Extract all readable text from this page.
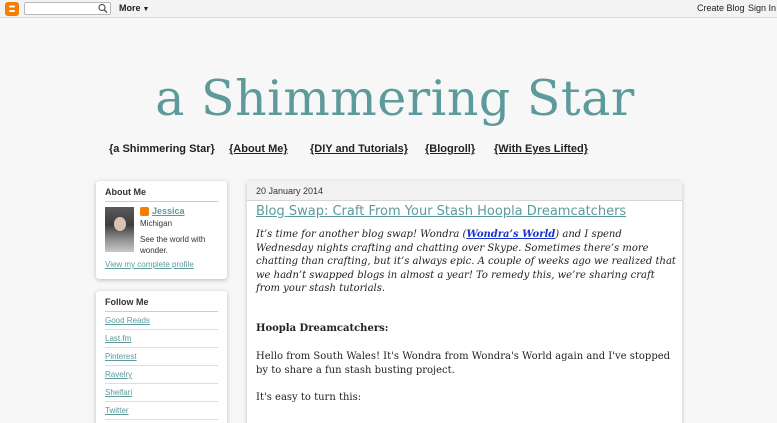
More ▼	Create Blog Sign In
a Shimmering Star
{a Shimmering Star} {About Me} {DIY and Tutorials} {Blogroll} {With Eyes Lifted}
About Me
Jessica
Michigan
See the world with wonder.
View my complete profile
Follow Me
Good Reads
Last.fm
Pinterest
Ravelry
Shelfari
Twitter
20 January 2014
Blog Swap: Craft From Your Stash Hoopla Dreamcatchers
It’s time for another blog swap! Wondra (Wondra’s World) and I spend Wednesday nights crafting and chatting over Skype. Sometimes there’s more chatting than crafting, but it’s always epic. A couple of weeks ago we realized that we hadn’t swapped blogs in almost a year! To remedy this, we’re sharing craft from your stash tutorials.
Hoopla Dreamcatchers:
Hello from South Wales! It's Wondra from Wondra's World again and I've stopped by to share a fun stash busting project.
It's easy to turn this:
